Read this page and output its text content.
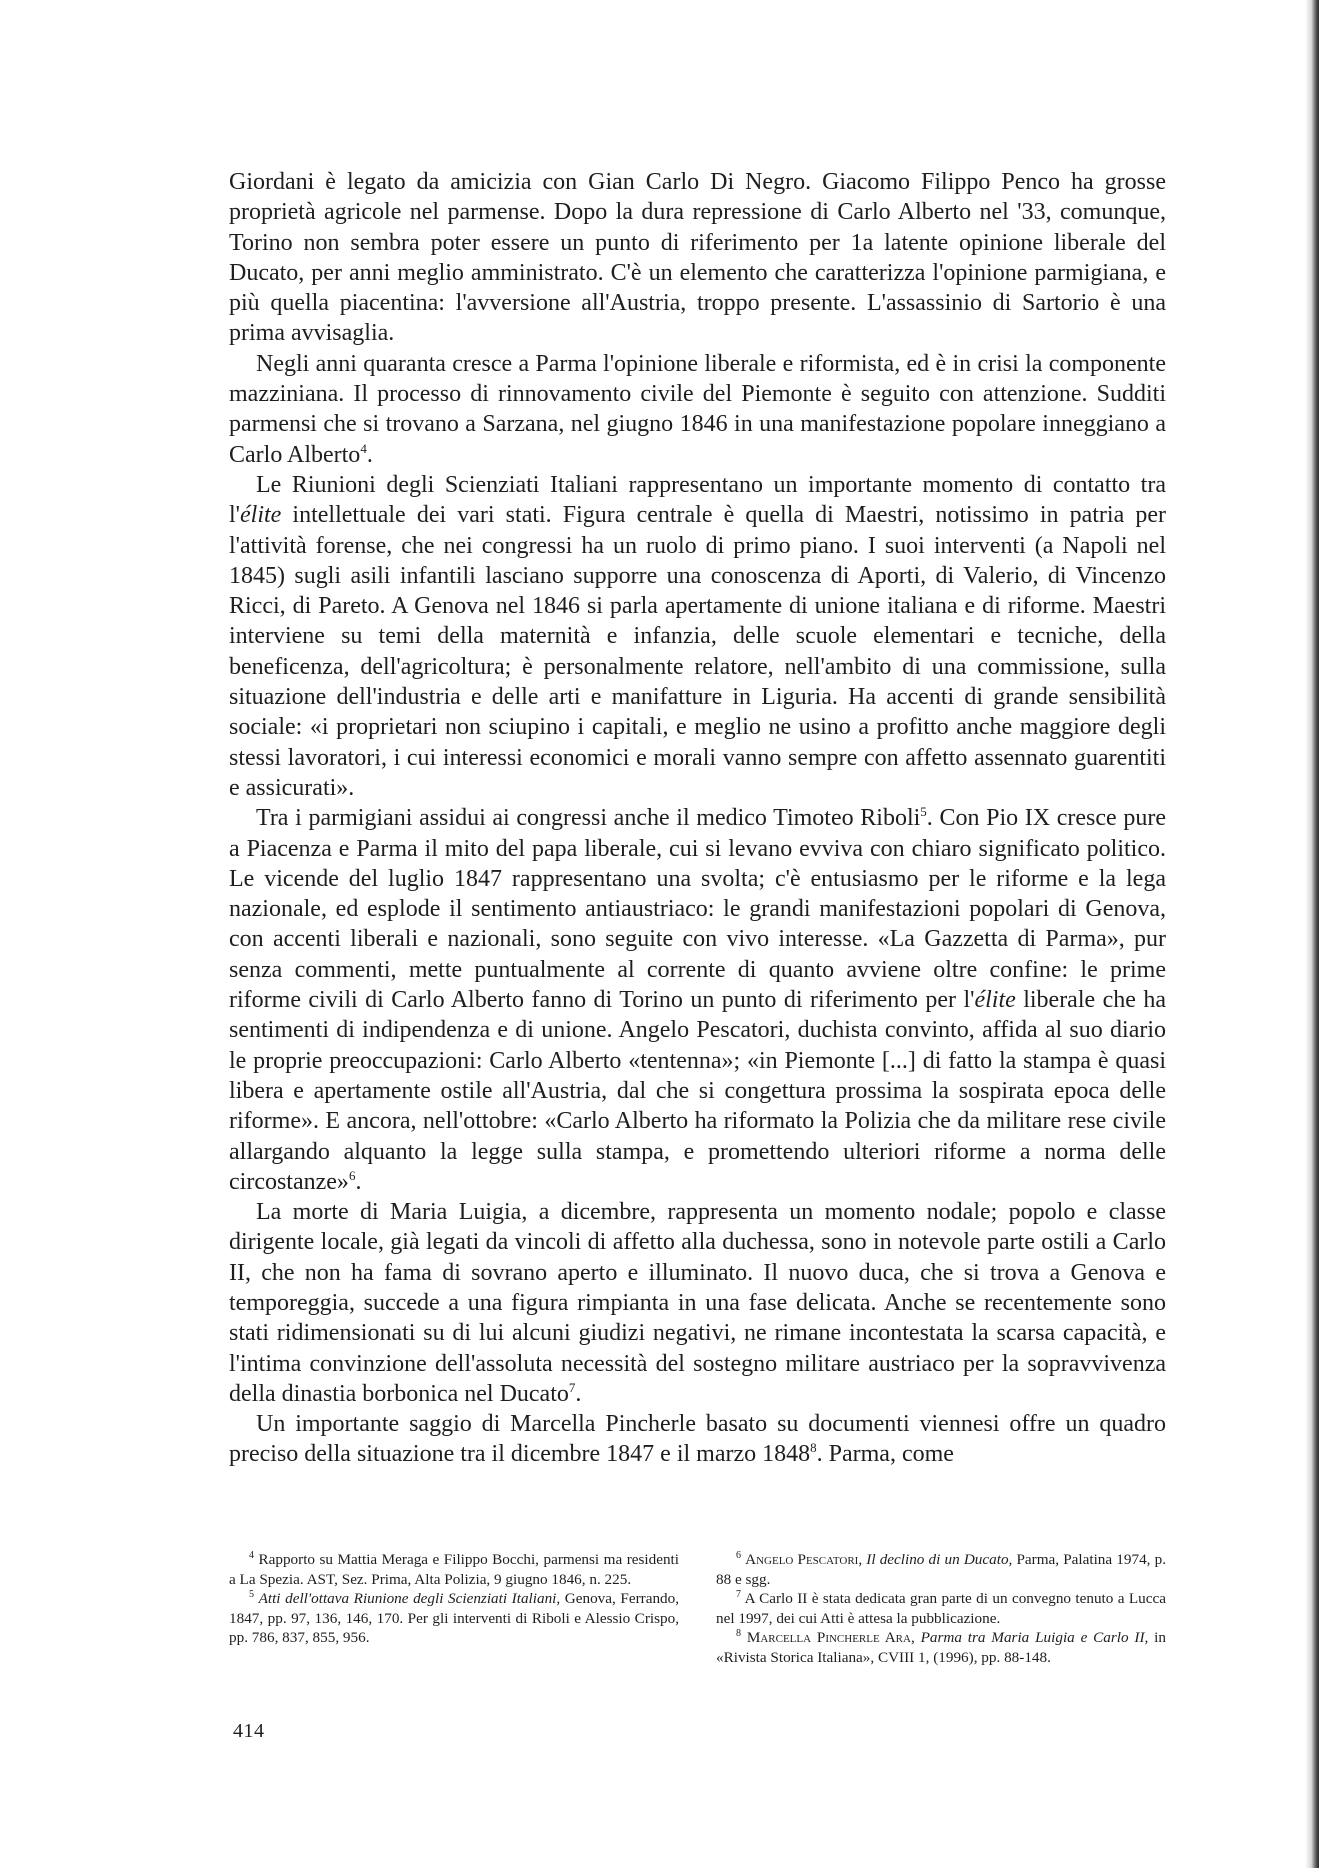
Giordani è legato da amicizia con Gian Carlo Di Negro. Giacomo Filippo Penco ha grosse proprietà agricole nel parmense. Dopo la dura repressione di Carlo Alberto nel '33, comunque, Torino non sembra poter essere un punto di riferimento per 1a latente opinione liberale del Ducato, per anni meglio amministrato. C'è un elemento che caratterizza l'opinione parmigiana, e più quella piacentina: l'avversione all'Austria, troppo presente. L'assassinio di Sartorio è una prima avvisaglia.

Negli anni quaranta cresce a Parma l'opinione liberale e riformista, ed è in crisi la componente mazziniana. Il processo di rinnovamento civile del Piemonte è seguito con attenzione. Sudditi parmensi che si trovano a Sarzana, nel giugno 1846 in una manifestazione popolare inneggiano a Carlo Alberto$^4$.

Le Riunioni degli Scienziati Italiani rappresentano un importante momento di contatto tra l'élite intellettuale dei vari stati. Figura centrale è quella di Maestri, notissimo in patria per l'attività forense, che nei congressi ha un ruolo di primo piano. I suoi interventi (a Napoli nel 1845) sugli asili infantili lasciano supporre una conoscenza di Aporti, di Valerio, di Vincenzo Ricci, di Pareto. A Genova nel 1846 si parla apertamente di unione italiana e di riforme. Maestri interviene su temi della maternità e infanzia, delle scuole elementari e tecniche, della beneficenza, dell'agricoltura; è personalmente relatore, nell'ambito di una commissione, sulla situazione dell'industria e delle arti e manifatture in Liguria. Ha accenti di grande sensibilità sociale: «i proprietari non sciupino i capitali, e meglio ne usino a profitto anche maggiore degli stessi lavoratori, i cui interessi economici e morali vanno sempre con affetto assennato guarentiti e assicurati».

Tra i parmigiani assidui ai congressi anche il medico Timoteo Riboli$^5$. Con Pio IX cresce pure a Piacenza e Parma il mito del papa liberale, cui si levano evviva con chiaro significato politico. Le vicende del luglio 1847 rappresentano una svolta; c'è entusiasmo per le riforme e la lega nazionale, ed esplode il sentimento antiaustriaco: le grandi manifestazioni popolari di Genova, con accenti liberali e nazionali, sono seguite con vivo interesse. «La Gazzetta di Parma», pur senza commenti, mette puntualmente al corrente di quanto avviene oltre confine: le prime riforme civili di Carlo Alberto fanno di Torino un punto di riferimento per l'élite liberale che ha sentimenti di indipendenza e di unione. Angelo Pescatori, duchista convinto, affida al suo diario le proprie preoccupazioni: Carlo Alberto «tentenna»; «in Piemonte [...] di fatto la stampa è quasi libera e apertamente ostile all'Austria, dal che si congettura prossima la sospirata epoca delle riforme». E ancora, nell'ottobre: «Carlo Alberto ha riformato la Polizia che da militare rese civile allargando alquanto la legge sulla stampa, e promettendo ulteriori riforme a norma delle circostanze»$^6$.

La morte di Maria Luigia, a dicembre, rappresenta un momento nodale; popolo e classe dirigente locale, già legati da vincoli di affetto alla duchessa, sono in notevole parte ostili a Carlo II, che non ha fama di sovrano aperto e illuminato. Il nuovo duca, che si trova a Genova e temporeggia, succede a una figura rimpianta in una fase delicata. Anche se recentemente sono stati ridimensionati su di lui alcuni giudizi negativi, ne rimane incontestata la scarsa capacità, e l'intima convinzione dell'assoluta necessità del sostegno militare austriaco per la sopravvivenza della dinastia borbonica nel Ducato$^7$.

Un importante saggio di Marcella Pincherle basato su documenti viennesi offre un quadro preciso della situazione tra il dicembre 1847 e il marzo 1848$^8$. Parma, come

$^4$ Rapporto su Mattia Meraga e Filippo Bocchi, parmensi ma residenti a La Spezia. AST, Sez. Prima, Alta Polizia, 9 giugno 1846, n. 225.

$^5$ Atti dell'ottava Riunione degli Scienziati Italiani, Genova, Ferrando, 1847, pp. 97, 136, 146, 170. Per gli interventi di Riboli e Alessio Crispo, pp. 786, 837, 855, 956.

$^6$ Angelo Pescatori, Il declino di un Ducato, Parma, Palatina 1974, p. 88 e sgg.

$^7$ A Carlo II è stata dedicata gran parte di un convegno tenuto a Lucca nel 1997, dei cui Atti è attesa la pubblicazione.

$^8$ Marcella Pincherle Ara, Parma tra Maria Luigia e Carlo II, in «Rivista Storica Italiana», CVIII 1, (1996), pp. 88-148.

414
